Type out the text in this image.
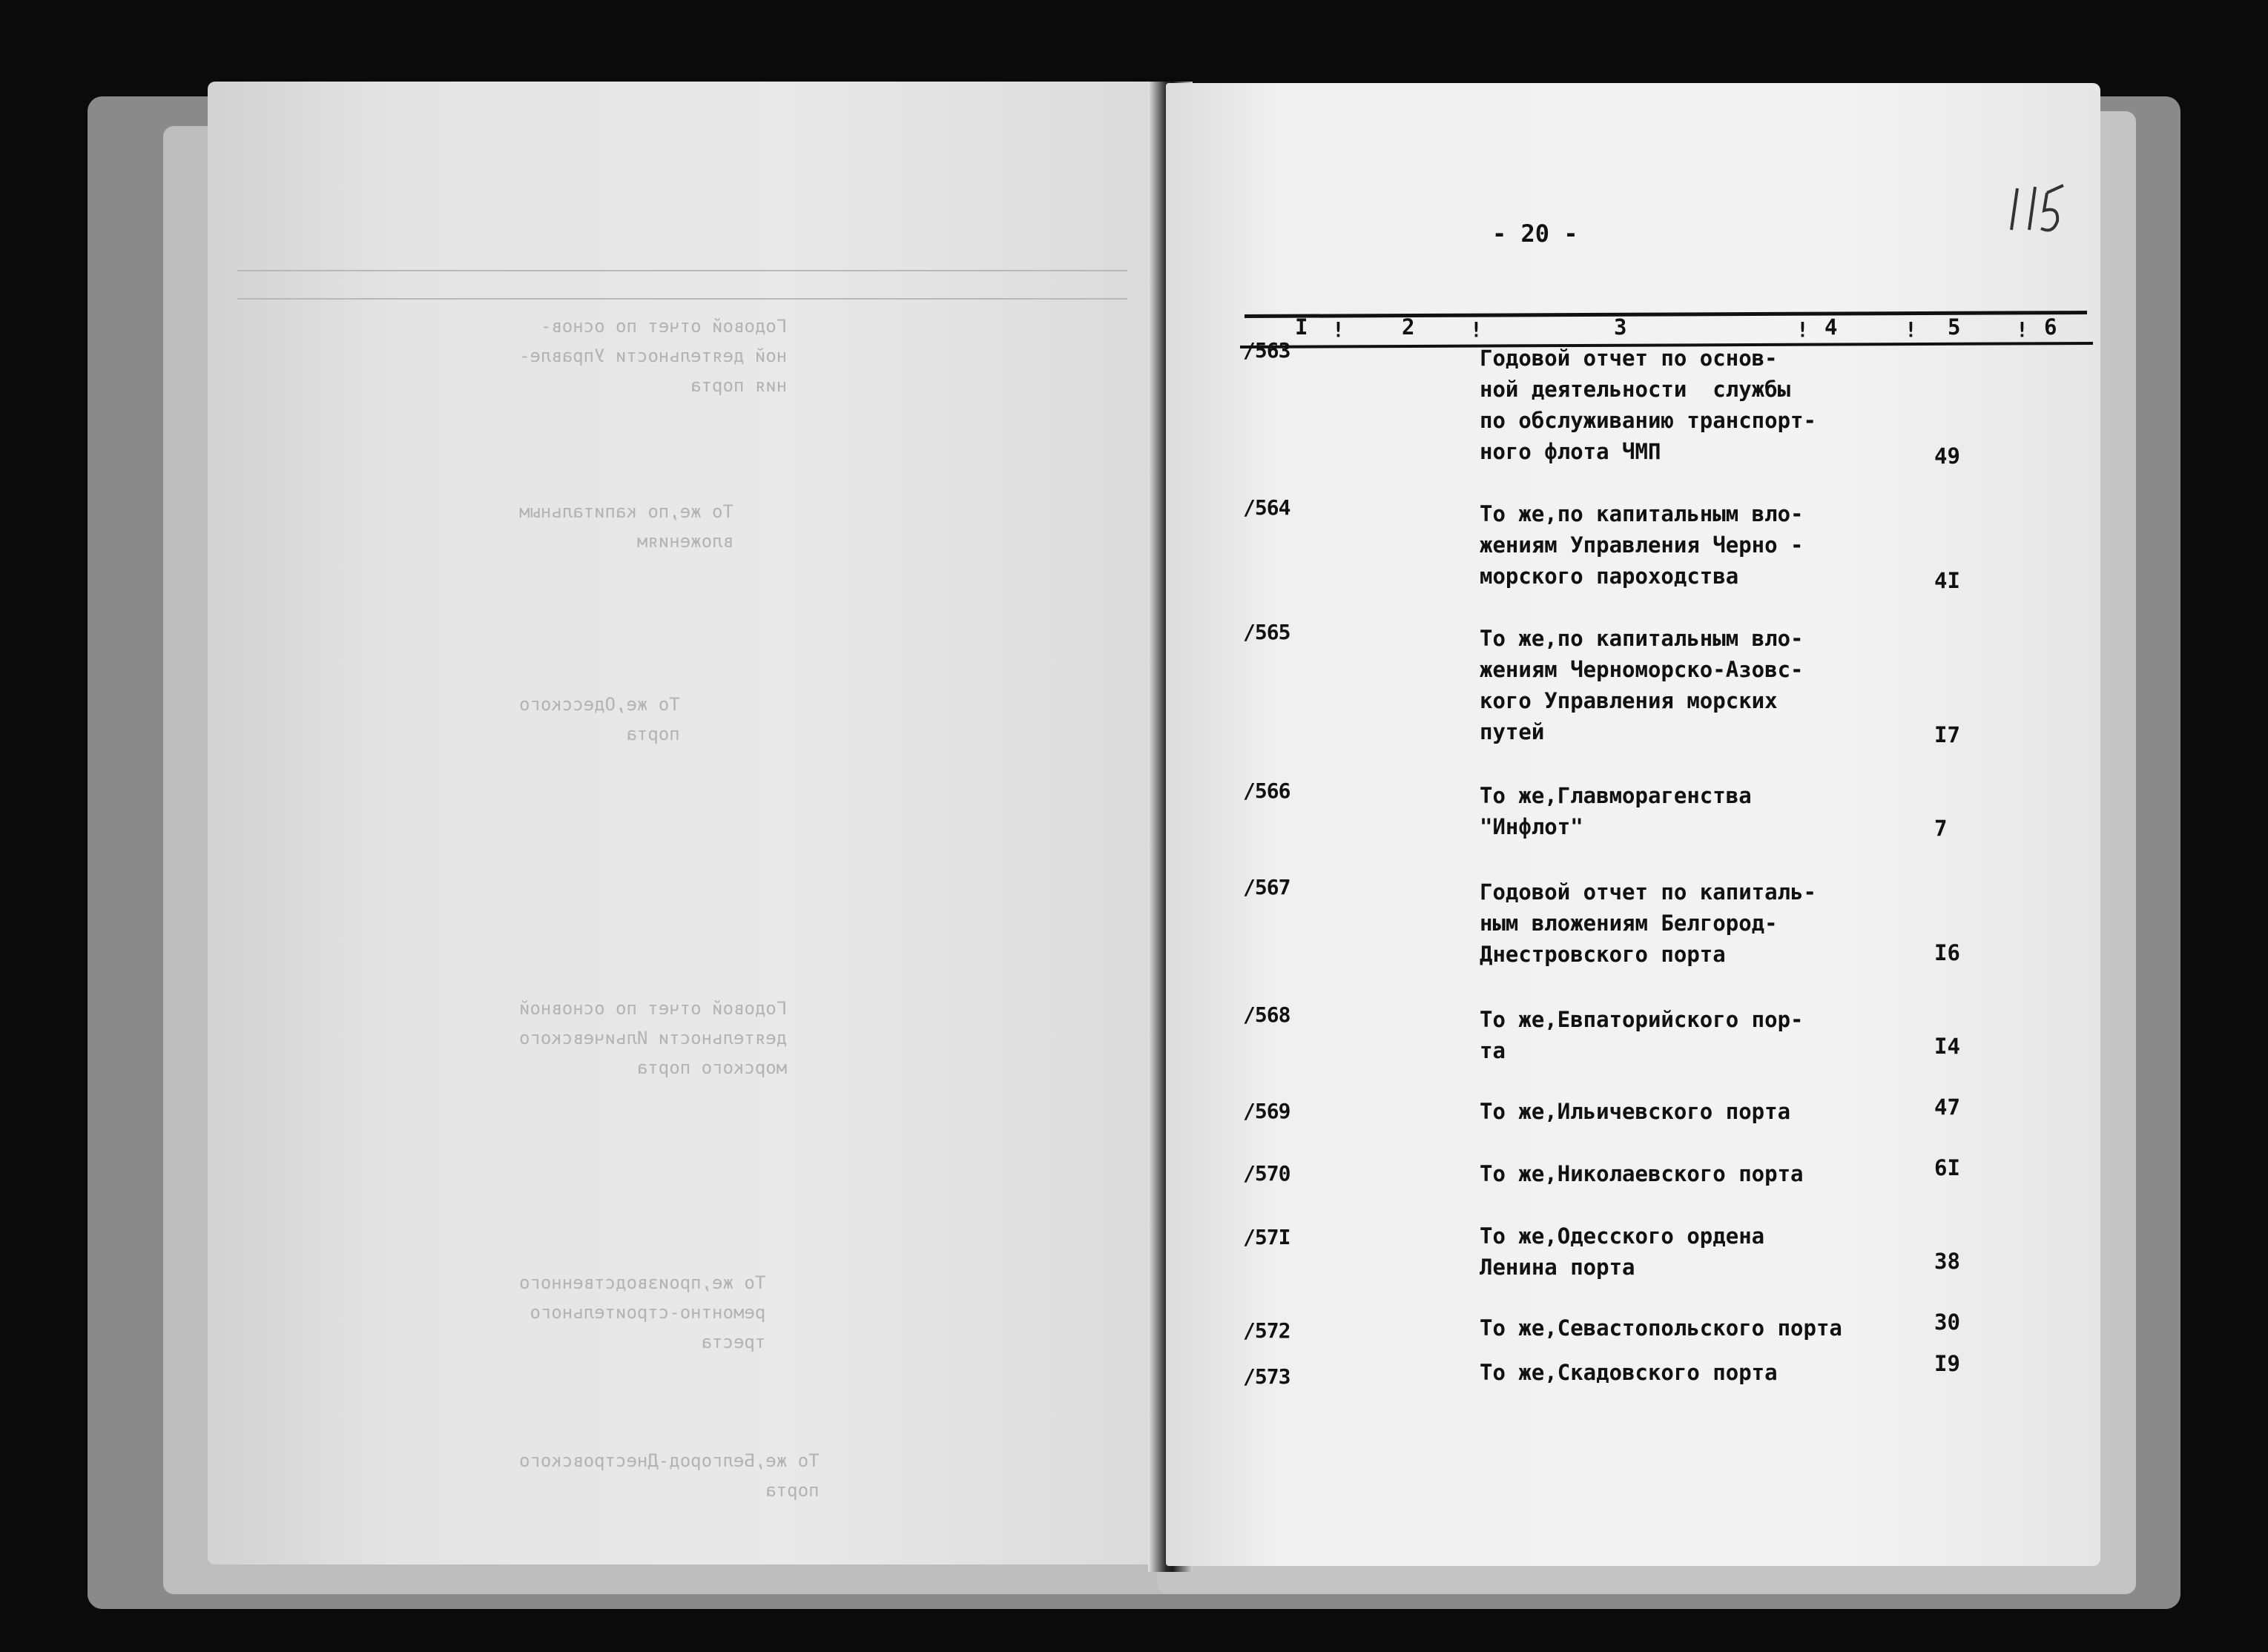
Годовой отчет по основ-
ной деятельности Управле-
ния порта
То же,по капитальным
вложениям
То же,Одесского
порта
Годовой отчет по основной
деятельности Ильичевского
морского порта
То же,производственного
ремонтно-строительного
треста
То же,Белгород-Днестровского
порта
- 20 -
I !	2	!	3	! 4	! 5	! 6
/563	Годовой отчет по основ-
ной деятельности  службы
по обслуживанию транспорт-
ного флота ЧМП	49
/564	То же,по капитальным вло-
жениям Управления Черно -
морского пароходства	4I
/565	То же,по капитальным вло-
жениям Черноморско-Азовс-
кого Управления морских
путей	I7
/566	То же,Главморагенства
"Инфлот"	7
/567	Годовой отчет по капиталь-
ным вложениям Белгород-
Днестровского порта	I6
/568	То же,Евпаторийского пор-
та	I4
/569	То же,Ильичевского порта	47
/570	То же,Николаевского порта	6I
/57I	То же,Одесского ордена
Ленина порта	38
/572	То же,Севастопольского порта	30
/573	То же,Скадовского порта	I9
